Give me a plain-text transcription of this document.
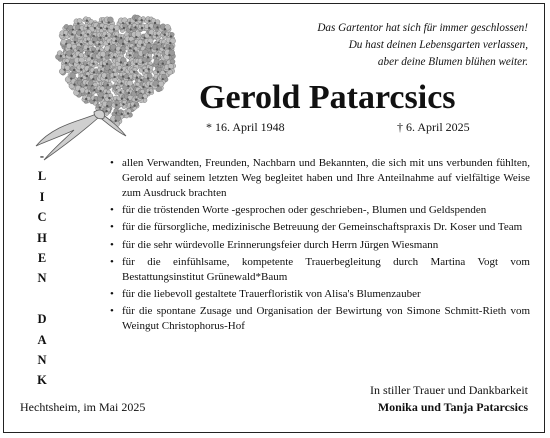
Das Gartentor hat sich für immer geschlossen!
Du hast deinen Lebensgarten verlassen,
aber deine Blumen blühen weiter.
Gerold Patarcsics
* 16. April 1948	† 6. April 2025
-
L
I
C
H
E
N
D
A
N
K
• allen Verwandten, Freunden, Nachbarn und Bekannten, die sich mit uns verbunden fühlten, Gerold auf seinem letzten Weg begleitet haben und Ihre Anteilnahme auf vielfältige Weise zum Ausdruck brachten
• für die tröstenden Worte -gesprochen oder geschrieben-, Blumen und Geldspenden
• für die fürsorgliche, medizinische Betreuung der Gemeinschaftspraxis Dr. Koser und Team
• für die sehr würdevolle Erinnerungsfeier durch Herrn Jürgen Wiesmann
• für die einfühlsame, kompetente Trauerbegleitung durch Martina Vogt vom Bestattungsinstitut Grünewald*Baum
• für die liebevoll gestaltete Trauerfloristik von Alisa's Blumenzauber
• für die spontane Zusage und Organisation der Bewirtung von Simone Schmitt-Rieth vom Weingut Christophorus-Hof
Hechtsheim, im Mai 2025
In stiller Trauer und Dankbarkeit
Monika und Tanja Patarcsics
